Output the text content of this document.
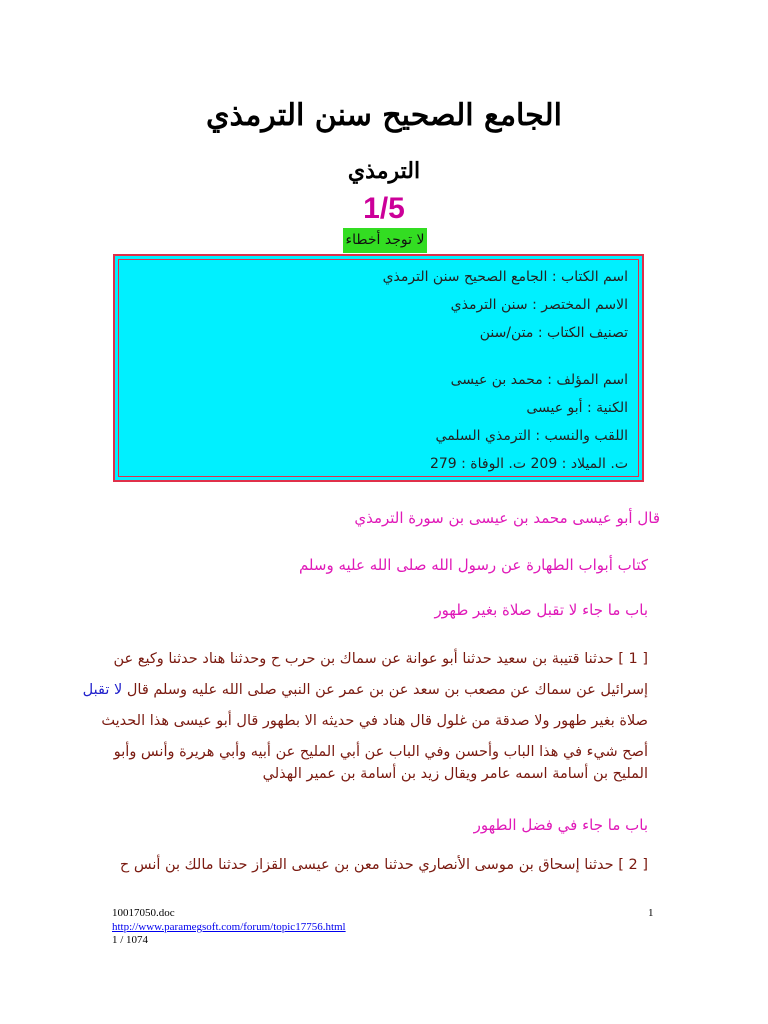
الجامع الصحيح سنن الترمذي
الترمذي
1/5
لا توجد أخطاء
اسم الكتاب : الجامع الصحيح سنن الترمذي
الاسم المختصر : سنن الترمذي
تصنيف الكتاب : متن/سنن
اسم المؤلف : محمد بن عيسى
الكنية : أبو عيسى
اللقب والنسب : الترمذي السلمي
ت. الميلاد : 209 ت. الوفاة : 279
قال أبو عيسى محمد بن عيسى بن سورة الترمذي
كتاب أبواب الطهارة عن رسول الله صلى الله عليه وسلم
باب ما جاء لا تقبل صلاة بغير طهور
[ 1 ] حدثنا قتيبة بن سعيد حدثنا أبو عوانة عن سماك بن حرب ح وحدثنا هناد حدثنا وكيع عن
إسرائيل عن سماك عن مصعب بن سعد عن بن عمر عن النبي صلى الله عليه وسلم قال لا تقبل
صلاة بغير طهور ولا صدقة من غلول قال هناد في حديثه الا بطهور قال أبو عيسى هذا الحديث
أصح شيء في هذا الباب وأحسن وفي الباب عن أبي المليح عن أبيه وأبي هريرة وأنس وأبو
المليح بن أسامة اسمه عامر ويقال زيد بن أسامة بن عمير الهذلي
باب ما جاء في فضل الطهور
[ 2 ] حدثنا إسحاق بن موسى الأنصاري حدثنا معن بن عيسى القزاز حدثنا مالك بن أنس ح
10017050.doc	1
http://www.paramegsoft.com/forum/topic17756.html
1 / 1074
